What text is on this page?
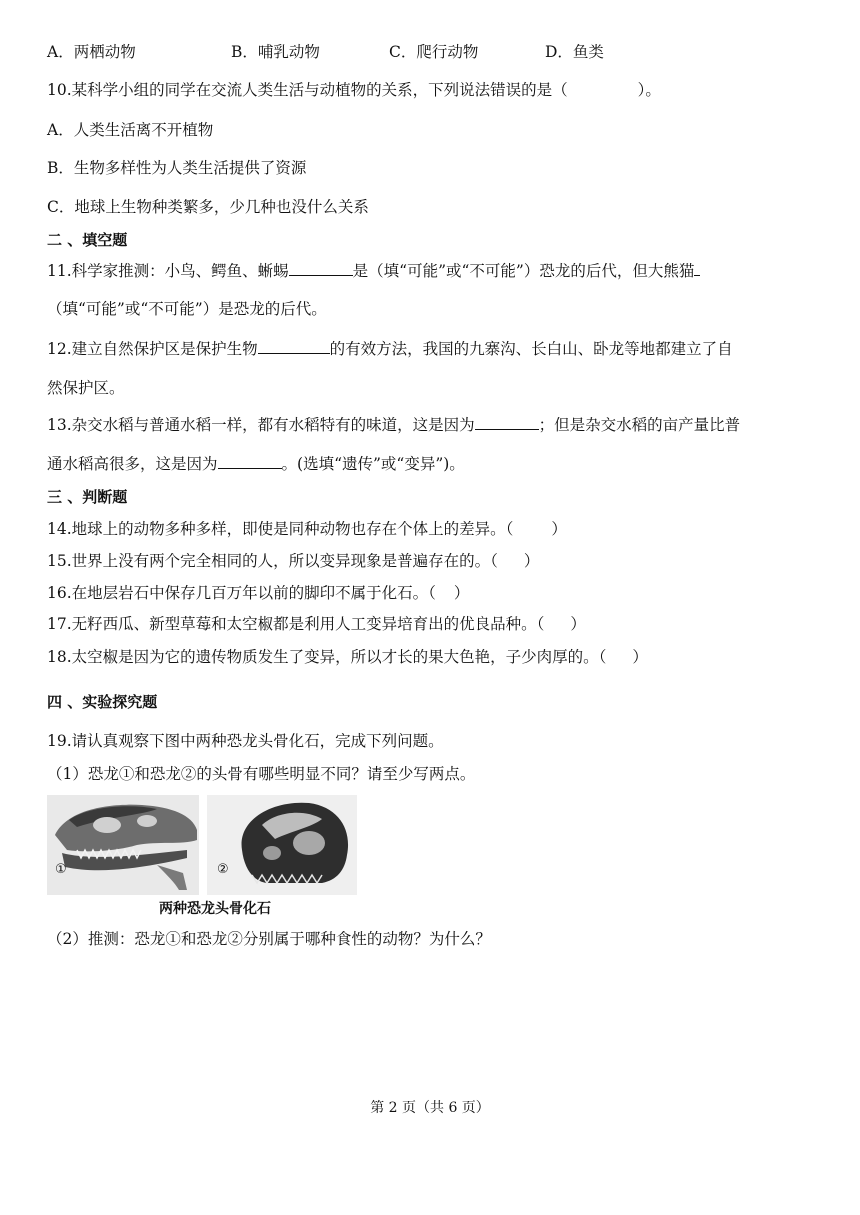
A．两栖动物	B．哺乳动物	C．爬行动物	D．鱼类
10.某科学小组的同学在交流人类生活与动植物的关系，下列说法错误的是（	）。
A．人类生活离不开植物
B．生物多样性为人类生活提供了资源
C．地球上生物种类繁多，少几种也没什么关系
二 、填空题
11.科学家推测：小鸟、鳄鱼、蜥蜴	是（填“可能”或“不可能”）恐龙的后代，但大熊猫
（填“可能”或“不可能”）是恐龙的后代。
12.建立自然保护区是保护生物	的有效方法，我国的九寨沟、长白山、卧龙等地都建立了自
然保护区。
13.杂交水稻与普通水稻一样，都有水稻特有的味道，这是因为	；但是杂交水稻的亩产量比普
通水稻高很多，这是因为	。(选填“遗传”或“变异”)。
三 、判断题
14.地球上的动物多种多样，即使是同种动物也存在个体上的差异。（ ）
15.世界上没有两个完全相同的人，所以变异现象是普遍存在的。（ ）
16.在地层岩石中保存几百万年以前的脚印不属于化石。（ ）
17.无籽西瓜、新型草莓和太空椒都是利用人工变异培育出的优良品种。（ ）
18.太空椒是因为它的遗传物质发生了变异，所以才长的果大色艳，子少肉厚的。（ ）
四 、实验探究题
19.请认真观察下图中两种恐龙头骨化石，完成下列问题。
（1）恐龙①和恐龙②的头骨有哪些明显不同？请至少写两点。
①	②
两种恐龙头骨化石
（2）推测：恐龙①和恐龙②分别属于哪种食性的动物？为什么？
第 2 页（共 6 页）
